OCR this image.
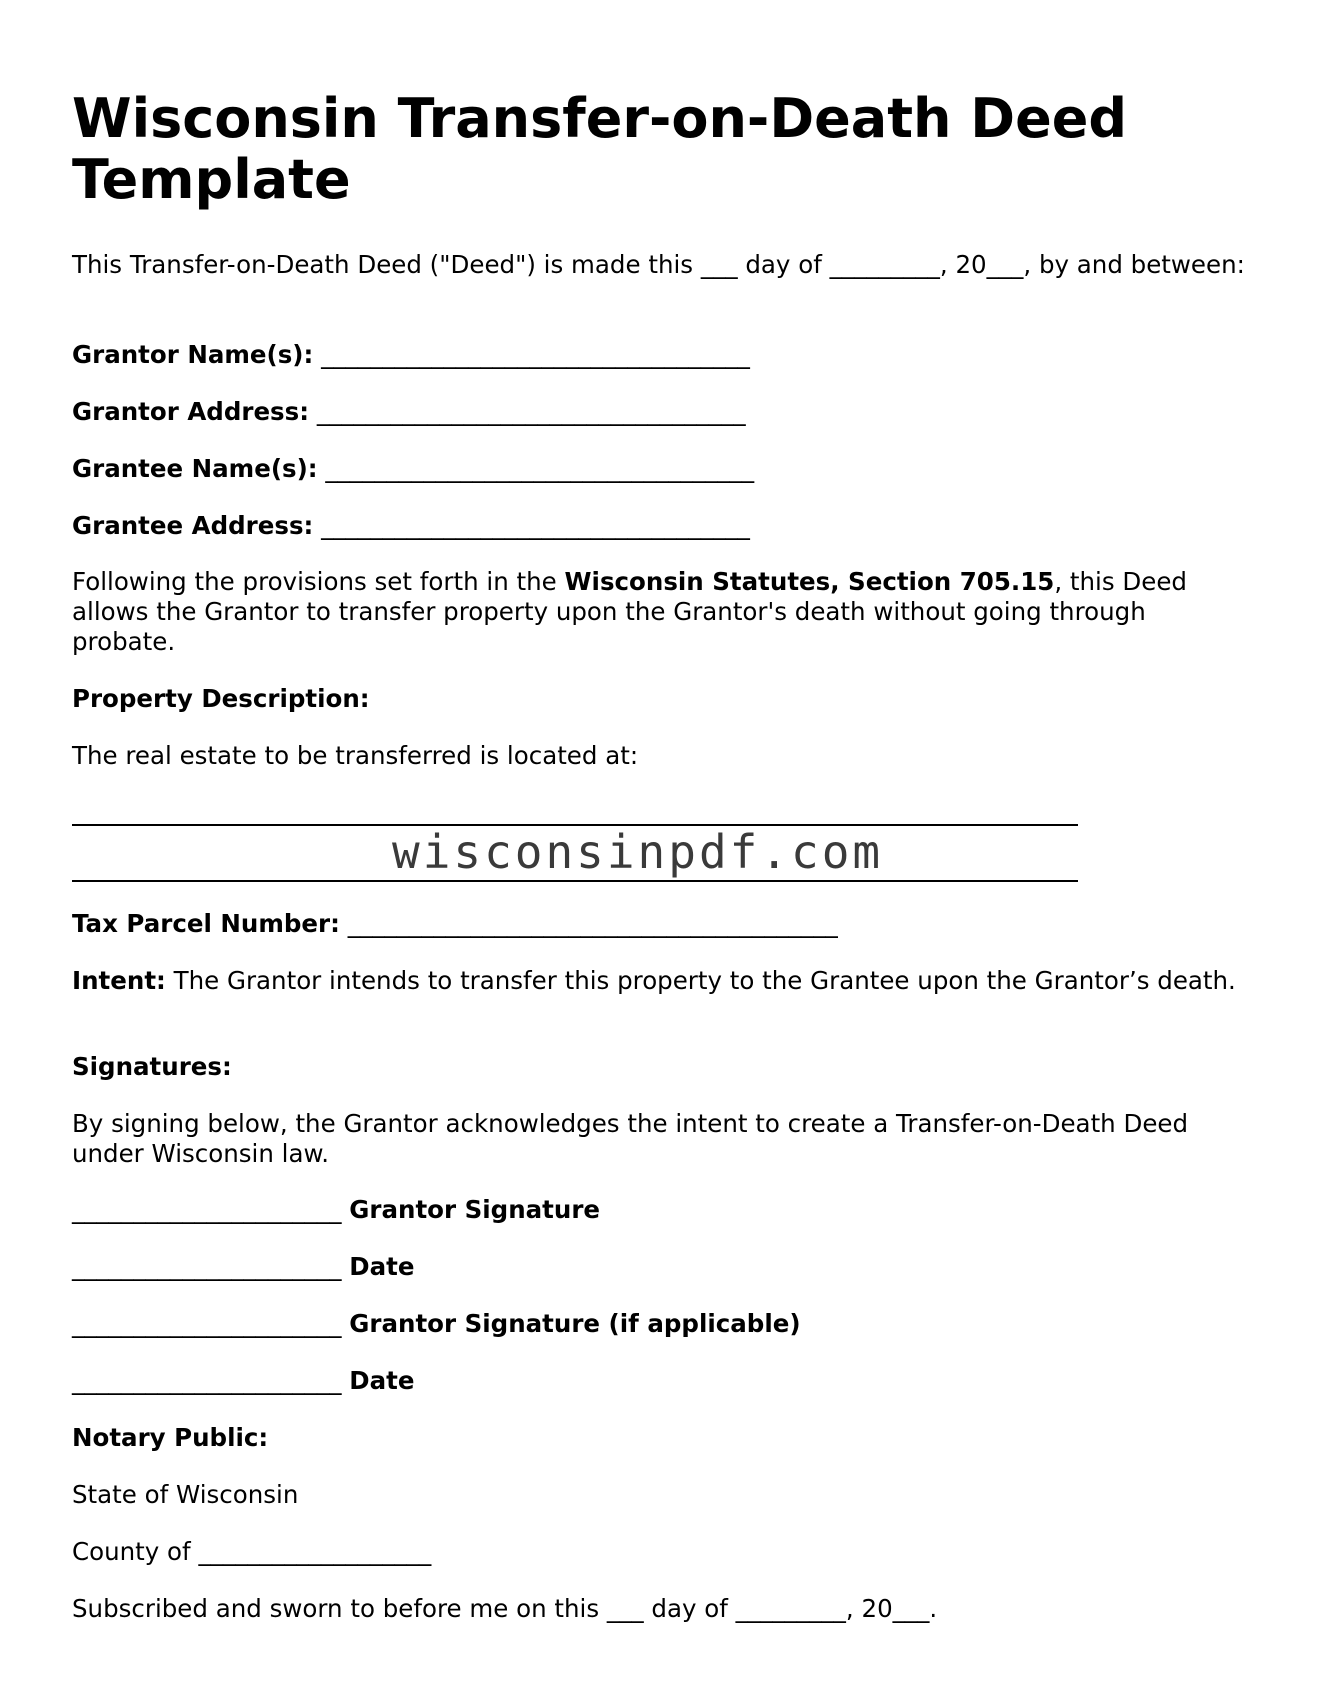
Wisconsin Transfer-on-Death Deed Template

This Transfer-on-Death Deed ("Deed") is made this ___ day of _________, 20___, by and between:

Grantor Name(s): ___________________________________

Grantor Address: ___________________________________

Grantee Name(s): ___________________________________

Grantee Address: ___________________________________

Following the provisions set forth in the Wisconsin Statutes, Section 705.15, this Deed allows the Grantor to transfer property upon the Grantor's death without going through probate.

Property Description:

The real estate to be transferred is located at:

wisconsinpdf.com

Tax Parcel Number: ________________________________________

Intent: The Grantor intends to transfer this property to the Grantee upon the Grantor’s death.

Signatures:

By signing below, the Grantor acknowledges the intent to create a Transfer-on-Death Deed under Wisconsin law.

______________________ Grantor Signature

______________________ Date

______________________ Grantor Signature (if applicable)

______________________ Date

Notary Public:

State of Wisconsin

County of ___________________

Subscribed and sworn to before me on this ___ day of _________, 20___.
